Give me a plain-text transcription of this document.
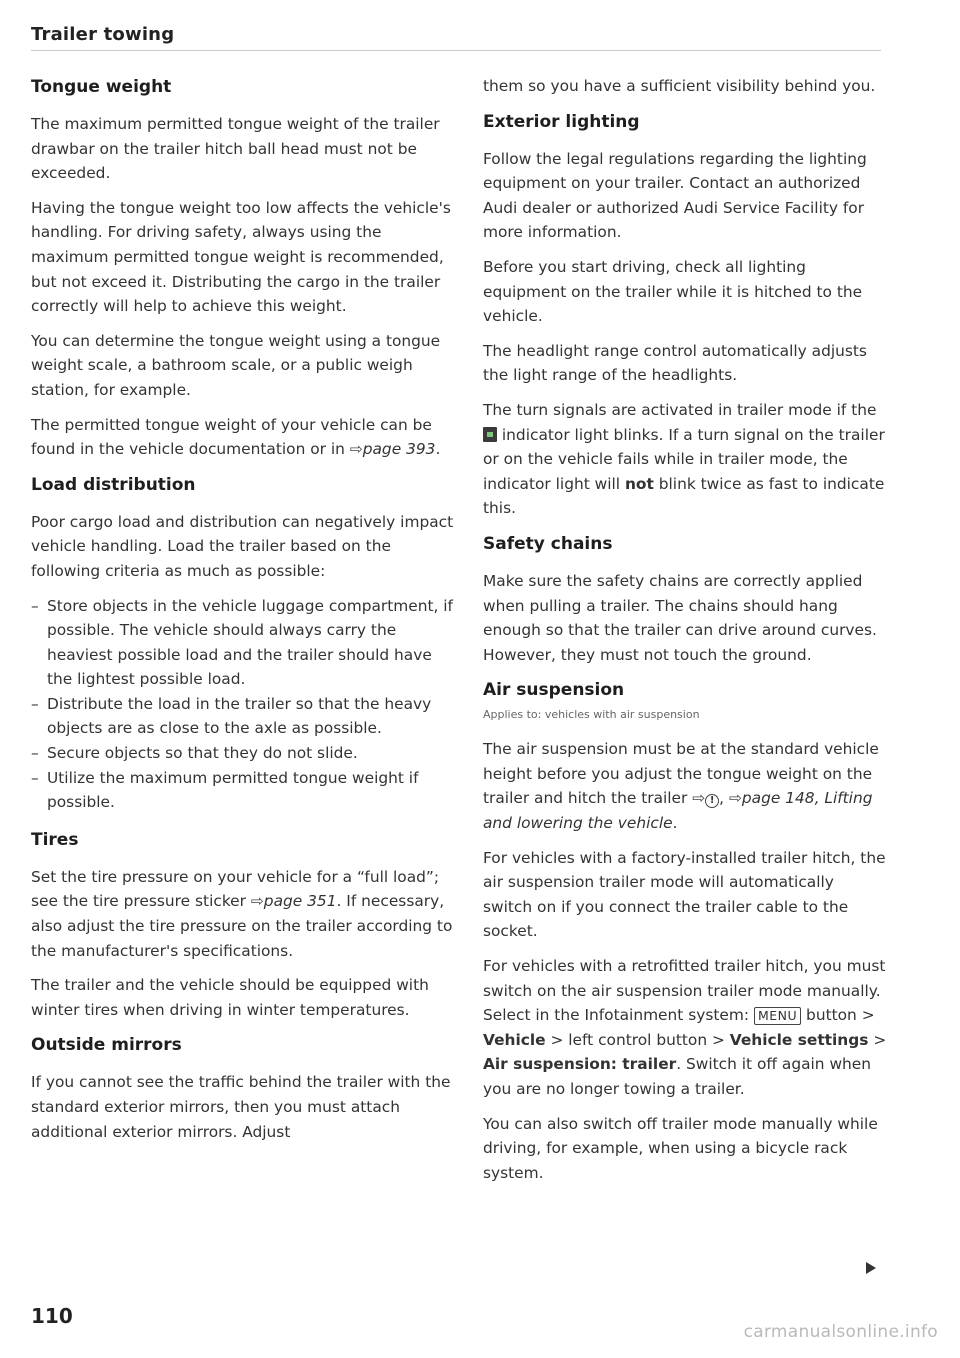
Trailer towing
Tongue weight

The maximum permitted tongue weight of the trailer drawbar on the trailer hitch ball head must not be exceeded.

Having the tongue weight too low affects the vehicle's handling. For driving safety, always using the maximum permitted tongue weight is recommended, but not exceed it. Distributing the cargo in the trailer correctly will help to achieve this weight.

You can determine the tongue weight using a tongue weight scale, a bathroom scale, or a public weigh station, for example.

The permitted tongue weight of your vehicle can be found in the vehicle documentation or in ⇨page 393.

Load distribution

Poor cargo load and distribution can negatively impact vehicle handling. Load the trailer based on the following criteria as much as possible:

– Store objects in the vehicle luggage compartment, if possible. The vehicle should always carry the heaviest possible load and the trailer should have the lightest possible load.
– Distribute the load in the trailer so that the heavy objects are as close to the axle as possible.
– Secure objects so that they do not slide.
– Utilize the maximum permitted tongue weight if possible.
Tires

Set the tire pressure on your vehicle for a “full load”; see the tire pressure sticker ⇨page 351. If necessary, also adjust the tire pressure on the trailer according to the manufacturer's specifications.

The trailer and the vehicle should be equipped with winter tires when driving in winter temperatures.

Outside mirrors

If you cannot see the traffic behind the trailer with the standard exterior mirrors, then you must attach additional exterior mirrors. Adjust

them so you have a sufficient visibility behind you.

Exterior lighting

Follow the legal regulations regarding the lighting equipment on your trailer. Contact an authorized Audi dealer or authorized Audi Service Facility for more information.

Before you start driving, check all lighting equipment on the trailer while it is hitched to the vehicle.

The headlight range control automatically adjusts the light range of the headlights.

The turn signals are activated in trailer mode if the  indicator light blinks. If a turn signal on the trailer or on the vehicle fails while in trailer mode, the indicator light will not blink twice as fast to indicate this.

Safety chains

Make sure the safety chains are correctly applied when pulling a trailer. The chains should hang enough so that the trailer can drive around curves. However, they must not touch the ground.

Air suspension
Applies to: vehicles with air suspension

The air suspension must be at the standard vehicle height before you adjust the tongue weight on the trailer and hitch the trailer ⇨ ! , ⇨page 148, Lifting and lowering the vehicle.

For vehicles with a factory-installed trailer hitch, the air suspension trailer mode will automatically switch on if you connect the trailer cable to the socket.

For vehicles with a retrofitted trailer hitch, you must switch on the air suspension trailer mode manually. Select in the Infotainment system: MENU button > Vehicle > left control button > Vehicle settings > Air suspension: trailer. Switch it off again when you are no longer towing a trailer.

You can also switch off trailer mode manually while driving, for example, when using a bicycle rack system.

110
carmanualsonline.info
